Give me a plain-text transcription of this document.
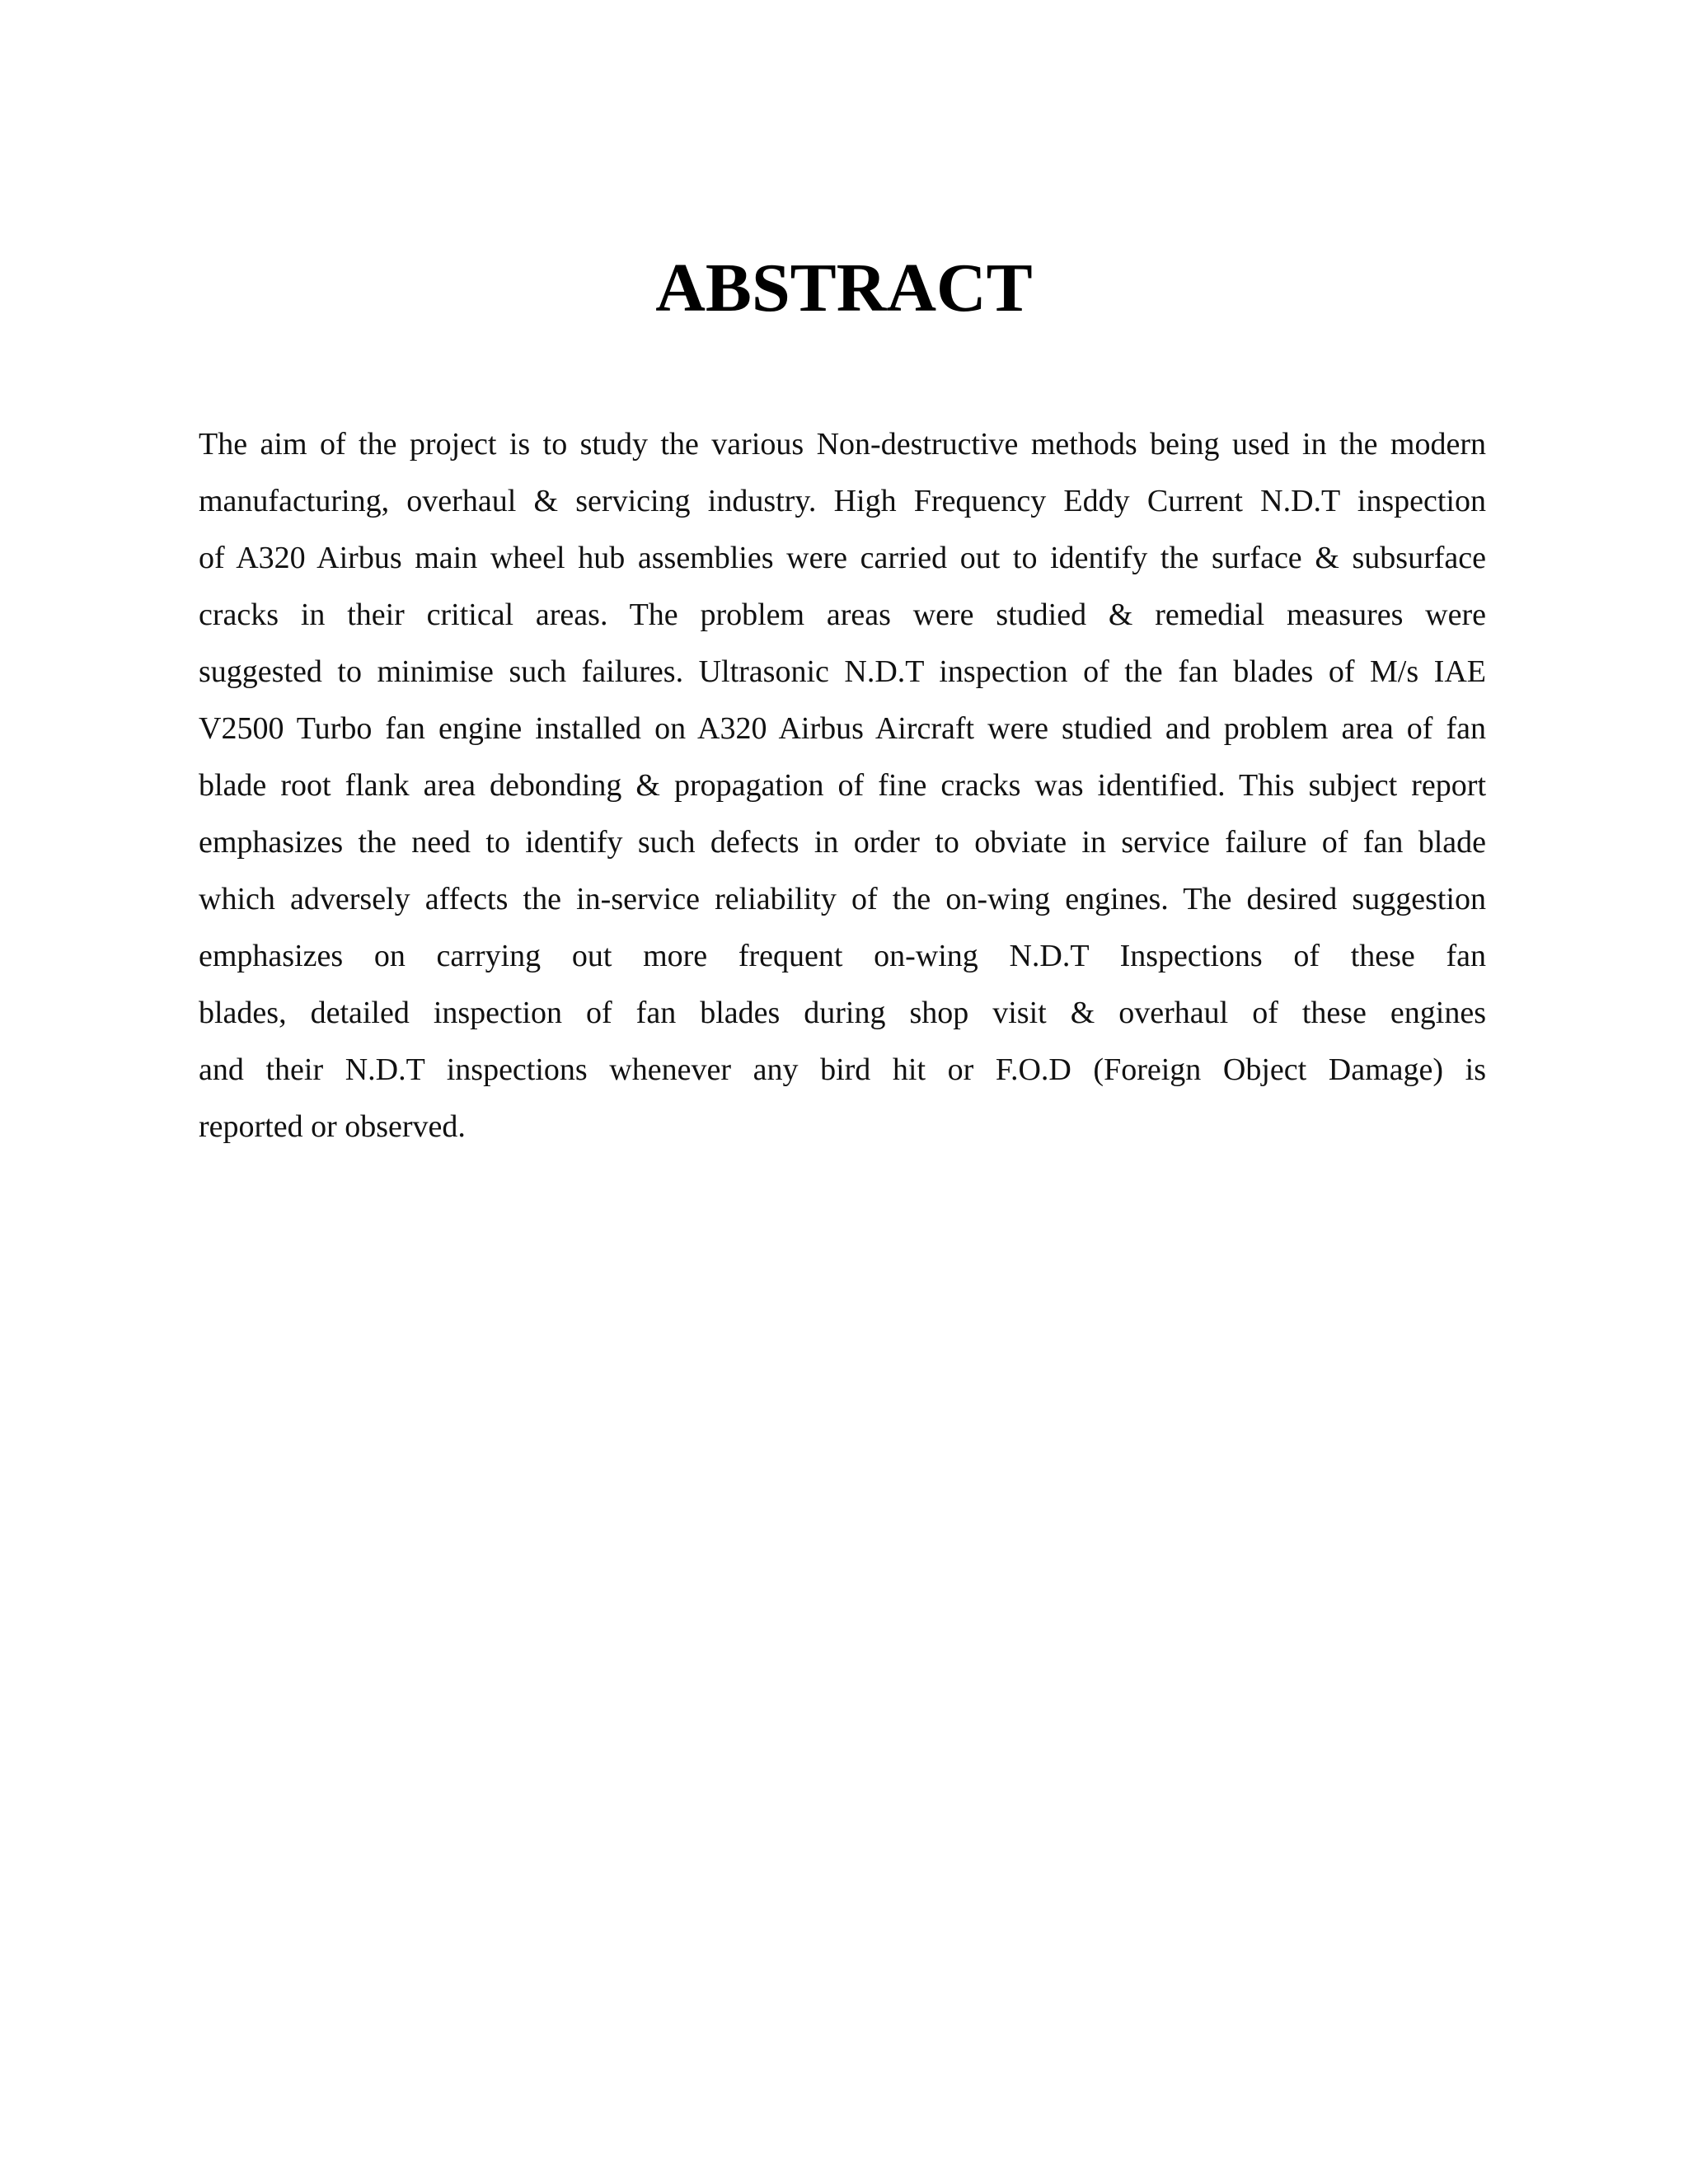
ABSTRACT
The aim of the project is to study the various Non-destructive methods being used in the modern
manufacturing, overhaul & servicing industry. High Frequency Eddy Current N.D.T inspection
of A320 Airbus main wheel hub assemblies were carried out to identify the surface & subsurface
cracks in their critical areas. The problem areas were studied & remedial measures were
suggested to minimise such failures. Ultrasonic N.D.T inspection of the fan blades of M/s IAE
V2500 Turbo fan engine installed on A320 Airbus Aircraft were studied and problem area of fan
blade root flank area debonding & propagation of fine cracks was identified. This subject report
emphasizes the need to identify such defects in order to obviate in service failure of fan blade
which adversely affects the in-service reliability of the on-wing engines. The desired suggestion
emphasizes on carrying out more frequent on-wing N.D.T Inspections of these fan
blades, detailed inspection of fan blades during shop visit & overhaul of these engines
and their N.D.T inspections whenever any bird hit or F.O.D (Foreign Object Damage) is
reported or observed.
